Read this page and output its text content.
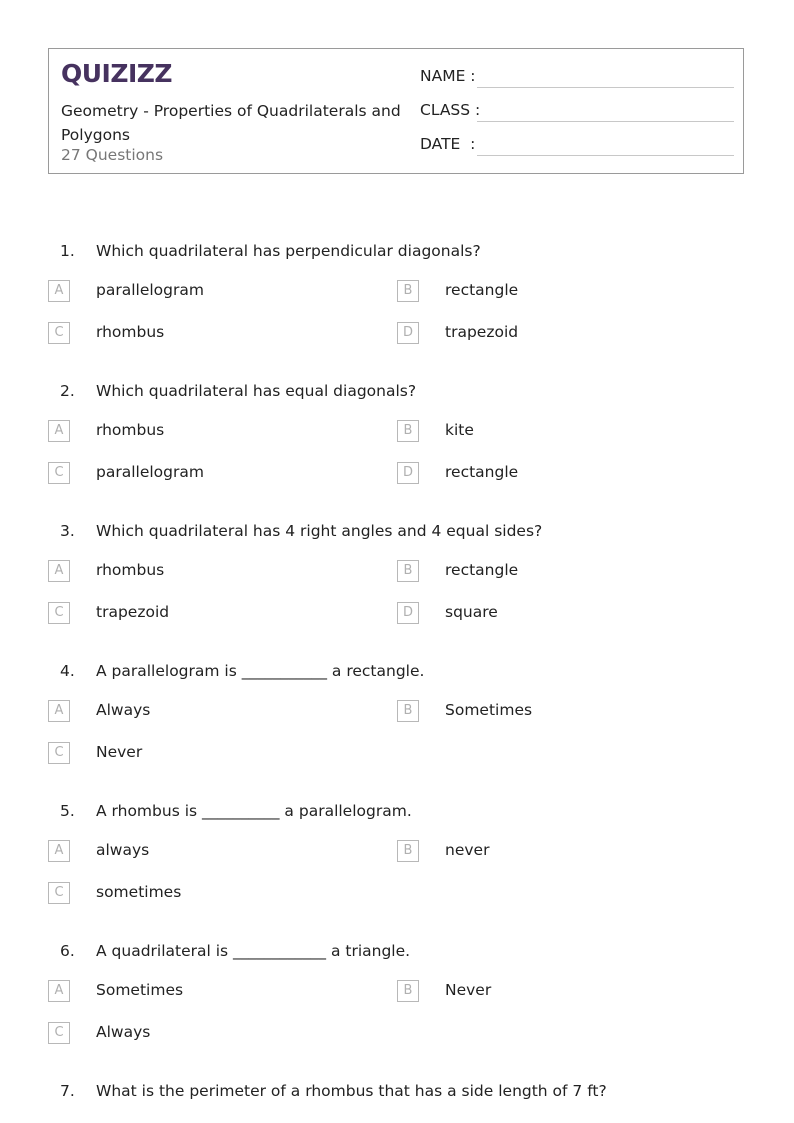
QUIZIZZ
Geometry - Properties of Quadrilaterals and Polygons
27 Questions
NAME :
CLASS :
DATE  :
1. Which quadrilateral has perpendicular diagonals?
A	parallelogram	B	rectangle
C	rhombus	D	trapezoid
2. Which quadrilateral has equal diagonals?
A	rhombus	B	kite
C	parallelogram	D	rectangle
3. Which quadrilateral has 4 right angles and 4 equal sides?
A	rhombus	B	rectangle
C	trapezoid	D	square
4. A parallelogram is ___________ a rectangle.
A	Always	B	Sometimes
C	Never
5. A rhombus is __________ a parallelogram.
A	always	B	never
C	sometimes
6. A quadrilateral is ____________ a triangle.
A	Sometimes	B	Never
C	Always
7. What is the perimeter of a rhombus that has a side length of 7 ft?
